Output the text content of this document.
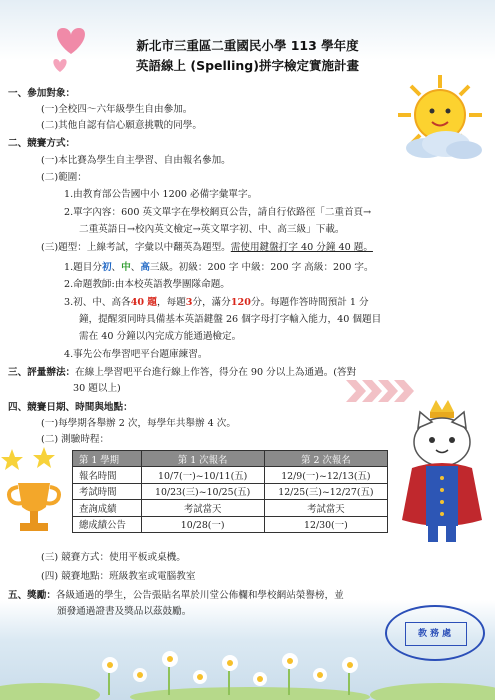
新北市三重區二重國民小學 113 學年度
英語線上 (Spelling)拼字檢定實施計畫
一、參加對象：
(一)全校四～六年級學生自由參加。
(二)其他自認有信心願意挑戰的同學。
二、競賽方式：
(一)本比賽為學生自主學習、自由報名參加。
(二)範圍：
1.由教育部公告國中小 1200 必備字彙單字。
2.單字內容：600 英文單字在學校網頁公告，請自行依路徑「二重首頁→
二重英語日→校內英文檢定→英文單字初、中、高三級」下載。
(三)題型：上線考試，字彙以中翻英為題型。需使用鍵盤打字 40 分鐘 40 題。
1.題目分初、中、高三級。初級：200 字 中級：200 字 高級：200 字。
2.命題教師:由本校英語教學團隊命題。
3.初、中、高各40 題，每題3分，滿分120分。每題作答時間預計 1 分
鐘，提醒須同時具備基本英語鍵盤 26 個字母打字輸入能力，40 個題目
需在 40 分鐘以內完成方能通過檢定。
4.事先公布學習吧平台題庫練習。
三、評量辦法：在線上學習吧平台進行線上作答，得分在 90 分以上為通過。(答對
30 題以上)
四、競賽日期、時間與地點：
(一)每學期各舉辦 2 次，每學年共舉辦 4 次。
(二) 測驗時程：
第 1 學期	第 1 次報名	第 2 次報名
報名時間	10/7(一)~10/11(五)	12/9(一)~12/13(五)
考試時間	10/23(三)~10/25(五)	12/25(三)~12/27(五)
查詢成績	考試當天	考試當天
總成績公告	10/28(一)	12/30(一)
(三) 競賽方式：使用平板或桌機。
(四) 競賽地點：班級教室或電腦教室
五、獎勵：各級通過的學生，公告張貼名單於川堂公佈欄和學校網站榮譽榜，並
頒發通過證書及獎品以茲鼓勵。
教務處
